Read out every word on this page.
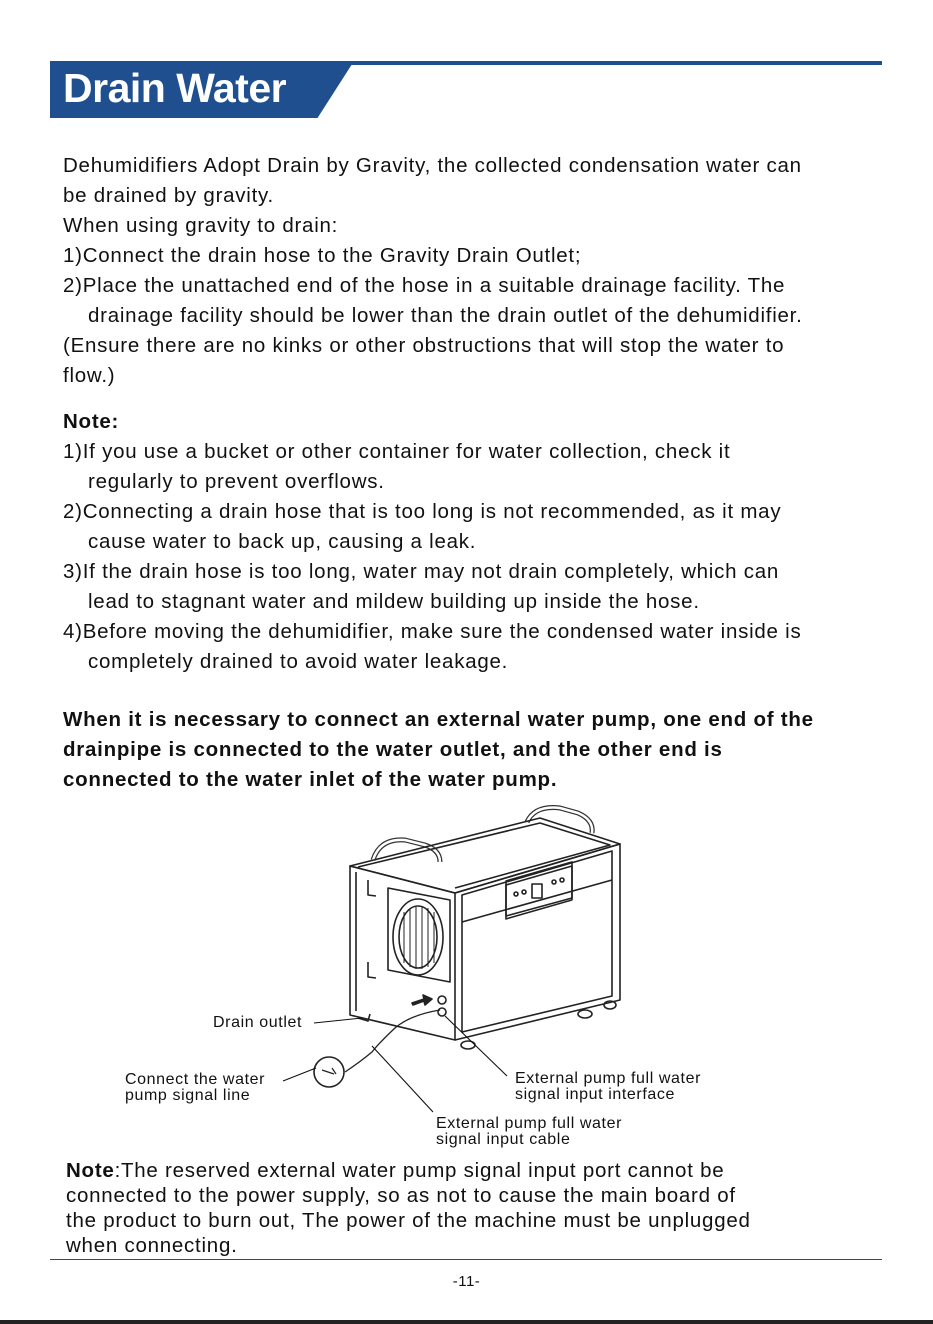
Drain Water
Dehumidifiers Adopt Drain by Gravity, the collected condensation water can
be drained by gravity.
When using gravity to drain:
1)Connect the drain hose to the Gravity Drain Outlet;
2)Place the unattached end of the hose in a suitable drainage facility. The
drainage facility should be lower than the drain outlet of the dehumidifier.
(Ensure there are no kinks or other obstructions that will stop the water to
flow.)
Note:
1)If you use a bucket or other container for water collection, check it
regularly to prevent overflows.
2)Connecting a drain hose that is too long is not recommended, as it may
cause water to back up, causing a leak.
3)If the drain hose is too long, water may not drain completely, which can
lead to stagnant water and mildew building up inside the hose.
4)Before moving the dehumidifier, make sure the condensed water inside is
completely drained to avoid water leakage.
When it is necessary to connect an external water pump, one end of the
drainpipe is connected to the water outlet, and the other end is
connected to the water inlet of the water pump.
Drain outlet
Connect the water
pump signal line
External pump full water
signal input interface
External pump full water
signal input cable
Note:The reserved external water pump signal input port cannot be
connected to the power supply, so as not to cause the main board of
the product to burn out, The power of the machine must be unplugged
when connecting.
-11-
